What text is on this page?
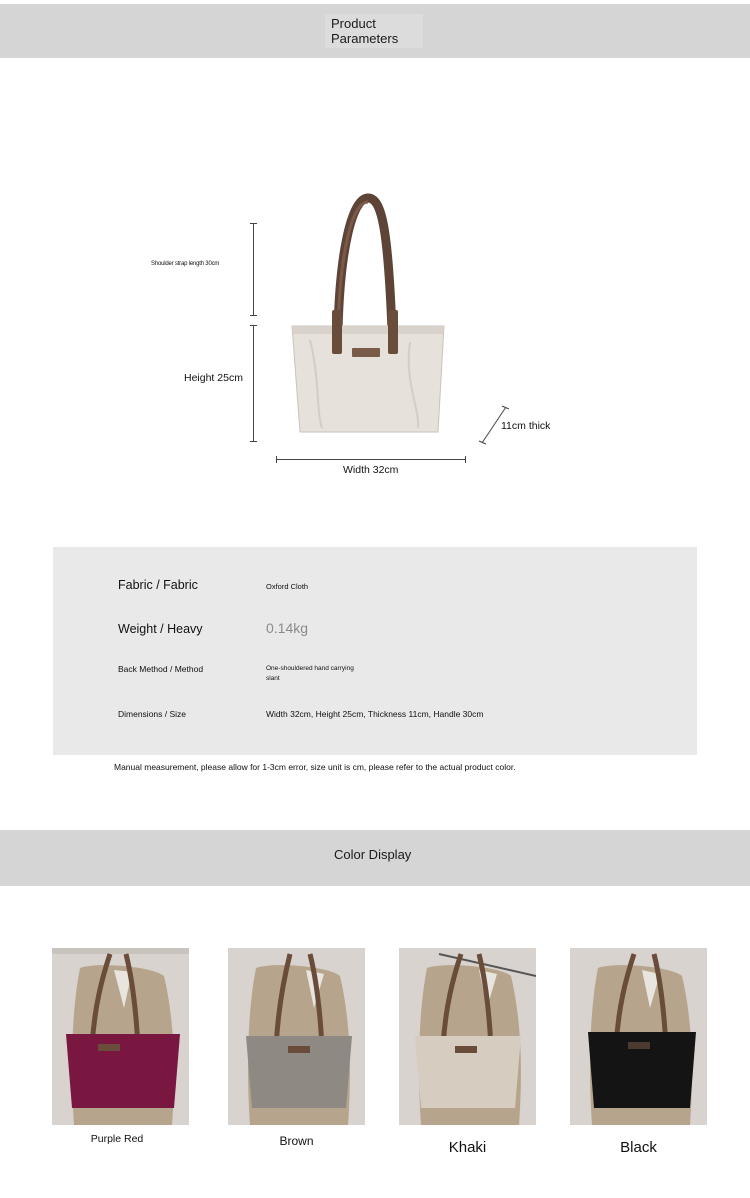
Product
Parameters
Shoulder strap length 30cm
Height 25cm
Width 32cm
11cm thick
Fabric / Fabric	Oxford Cloth
Weight / Heavy	0.14kg
Back Method / Method	One-shouldered hand carrying
slant
Dimensions / Size	Width 32cm, Height 25cm, Thickness 11cm, Handle 30cm
Manual measurement, please allow for 1-3cm error, size unit is cm, please refer to the actual product color.
Color Display
Purple Red	Brown	Khaki	Black
